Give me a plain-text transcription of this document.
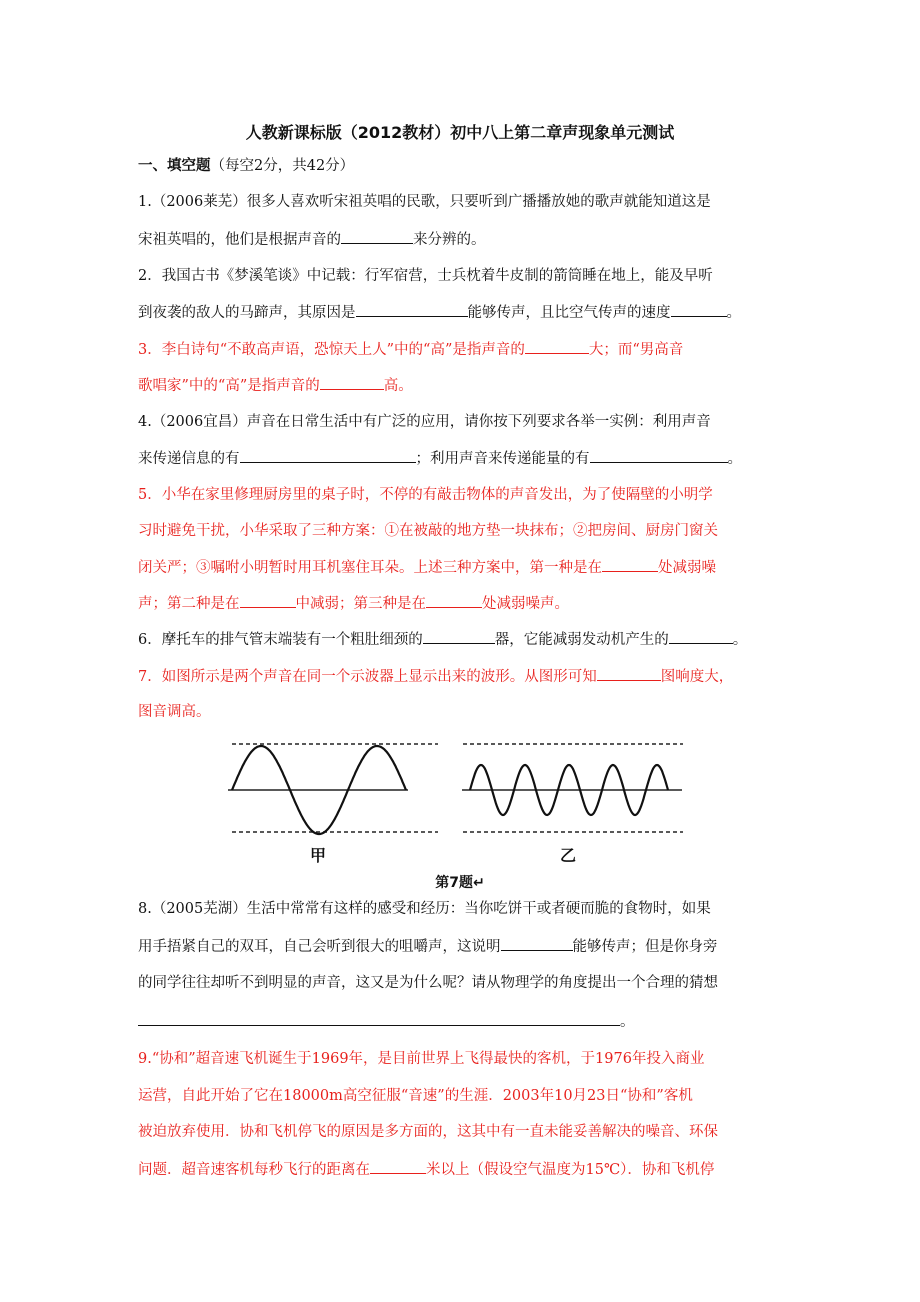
人教新课标版（2012教材）初中八上第二章声现象单元测试
一、填空题（每空2分，共42分）
1.（2006莱芜）很多人喜欢听宋祖英唱的民歌，只要听到广播播放她的歌声就能知道这是
宋祖英唱的，他们是根据声音的	来分辨的。
2．我国古书《梦溪笔谈》中记载：行军宿营，士兵枕着牛皮制的箭筒睡在地上，能及早听
到夜袭的敌人的马蹄声，其原因是	能够传声，且比空气传声的速度	。
3．李白诗句“不敢高声语，恐惊天上人”中的“高”是指声音的	大；而“男高音
歌唱家”中的“高”是指声音的	高。
4.（2006宜昌）声音在日常生活中有广泛的应用，请你按下列要求各举一实例：利用声音
来传递信息的有	；利用声音来传递能量的有	。
5．小华在家里修理厨房里的桌子时，不停的有敲击物体的声音发出，为了使隔壁的小明学
习时避免干扰，小华采取了三种方案：①在被敲的地方垫一块抹布；②把房间、厨房门窗关
闭关严；③嘱咐小明暂时用耳机塞住耳朵。上述三种方案中，第一种是在	处减弱噪
声；第二种是在	中减弱；第三种是在	处减弱噪声。
6．摩托车的排气管末端装有一个粗肚细颈的	器，它能减弱发动机产生的	。
7．如图所示是两个声音在同一个示波器上显示出来的波形。从图形可知	图响度大，
图音调高。
甲	乙
第7题↵
8.（2005芜湖）生活中常常有这样的感受和经历：当你吃饼干或者硬而脆的食物时，如果
用手捂紧自己的双耳，自己会听到很大的咀嚼声，这说明	能够传声；但是你身旁
的同学往往却听不到明显的声音，这又是为什么呢？请从物理学的角度提出一个合理的猜想
。
9.“协和”超音速飞机诞生于1969年，是目前世界上飞得最快的客机，于1976年投入商业
运营，自此开始了它在18000m高空征服“音速”的生涯．2003年10月23日“协和”客机
被迫放弃使用．协和飞机停飞的原因是多方面的，这其中有一直未能妥善解决的噪音、环保
问题．超音速客机每秒飞行的距离在	米以上（假设空气温度为15℃）．协和飞机停
